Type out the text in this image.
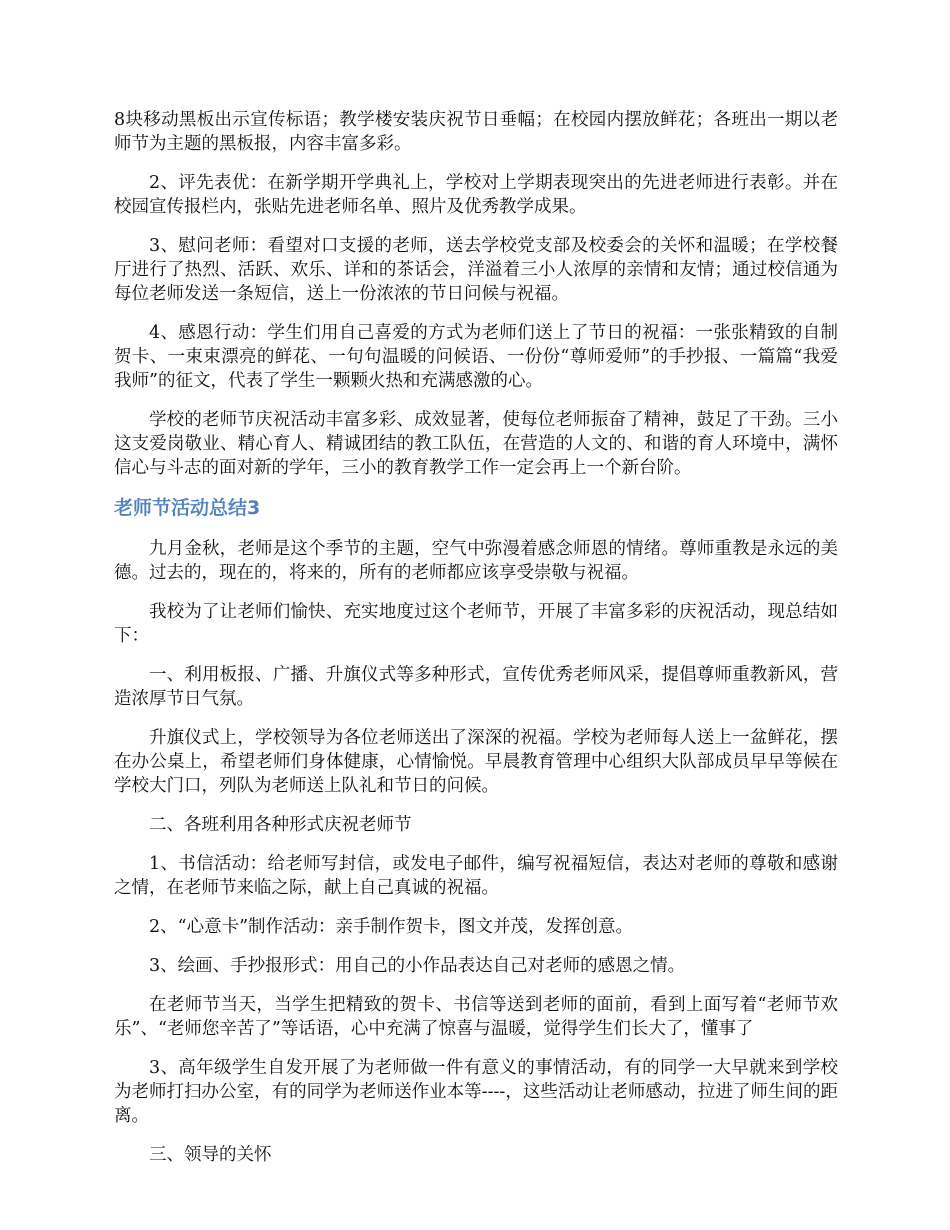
8块移动黑板出示宣传标语；教学楼安装庆祝节日垂幅；在校园内摆放鲜花；各班出一期以老师节为主题的黑板报，内容丰富多彩。

2、评先表优：在新学期开学典礼上，学校对上学期表现突出的先进老师进行表彰。并在校园宣传报栏内，张贴先进老师名单、照片及优秀教学成果。

3、慰问老师：看望对口支援的老师，送去学校党支部及校委会的关怀和温暖；在学校餐厅进行了热烈、活跃、欢乐、详和的茶话会，洋溢着三小人浓厚的亲情和友情；通过校信通为每位老师发送一条短信，送上一份浓浓的节日问候与祝福。

4、感恩行动：学生们用自己喜爱的方式为老师们送上了节日的祝福：一张张精致的自制贺卡、一束束漂亮的鲜花、一句句温暖的问候语、一份份“尊师爱师”的手抄报、一篇篇“我爱我师”的征文，代表了学生一颗颗火热和充满感激的心。

学校的老师节庆祝活动丰富多彩、成效显著，使每位老师振奋了精神，鼓足了干劲。三小这支爱岗敬业、精心育人、精诚团结的教工队伍，在营造的人文的、和谐的育人环境中，满怀信心与斗志的面对新的学年，三小的教育教学工作一定会再上一个新台阶。

老师节活动总结3

九月金秋，老师是这个季节的主题，空气中弥漫着感念师恩的情绪。尊师重教是永远的美德。过去的，现在的，将来的，所有的老师都应该享受崇敬与祝福。

我校为了让老师们愉快、充实地度过这个老师节，开展了丰富多彩的庆祝活动，现总结如下：

一、利用板报、广播、升旗仪式等多种形式，宣传优秀老师风采，提倡尊师重教新风，营造浓厚节日气氛。

升旗仪式上，学校领导为各位老师送出了深深的祝福。学校为老师每人送上一盆鲜花，摆在办公桌上，希望老师们身体健康，心情愉悦。早晨教育管理中心组织大队部成员早早等候在学校大门口，列队为老师送上队礼和节日的问候。

二、各班利用各种形式庆祝老师节

1、书信活动：给老师写封信，或发电子邮件，编写祝福短信，表达对老师的尊敬和感谢之情，在老师节来临之际，献上自己真诚的祝福。

2、“心意卡”制作活动：亲手制作贺卡，图文并茂，发挥创意。

3、绘画、手抄报形式：用自己的小作品表达自己对老师的感恩之情。

在老师节当天，当学生把精致的贺卡、书信等送到老师的面前，看到上面写着“老师节欢乐”、“老师您辛苦了”等话语，心中充满了惊喜与温暖，觉得学生们长大了，懂事了

3、高年级学生自发开展了为老师做一件有意义的事情活动，有的同学一大早就来到学校为老师打扫办公室，有的同学为老师送作业本等----，这些活动让老师感动，拉进了师生间的距离。

三、领导的关怀
